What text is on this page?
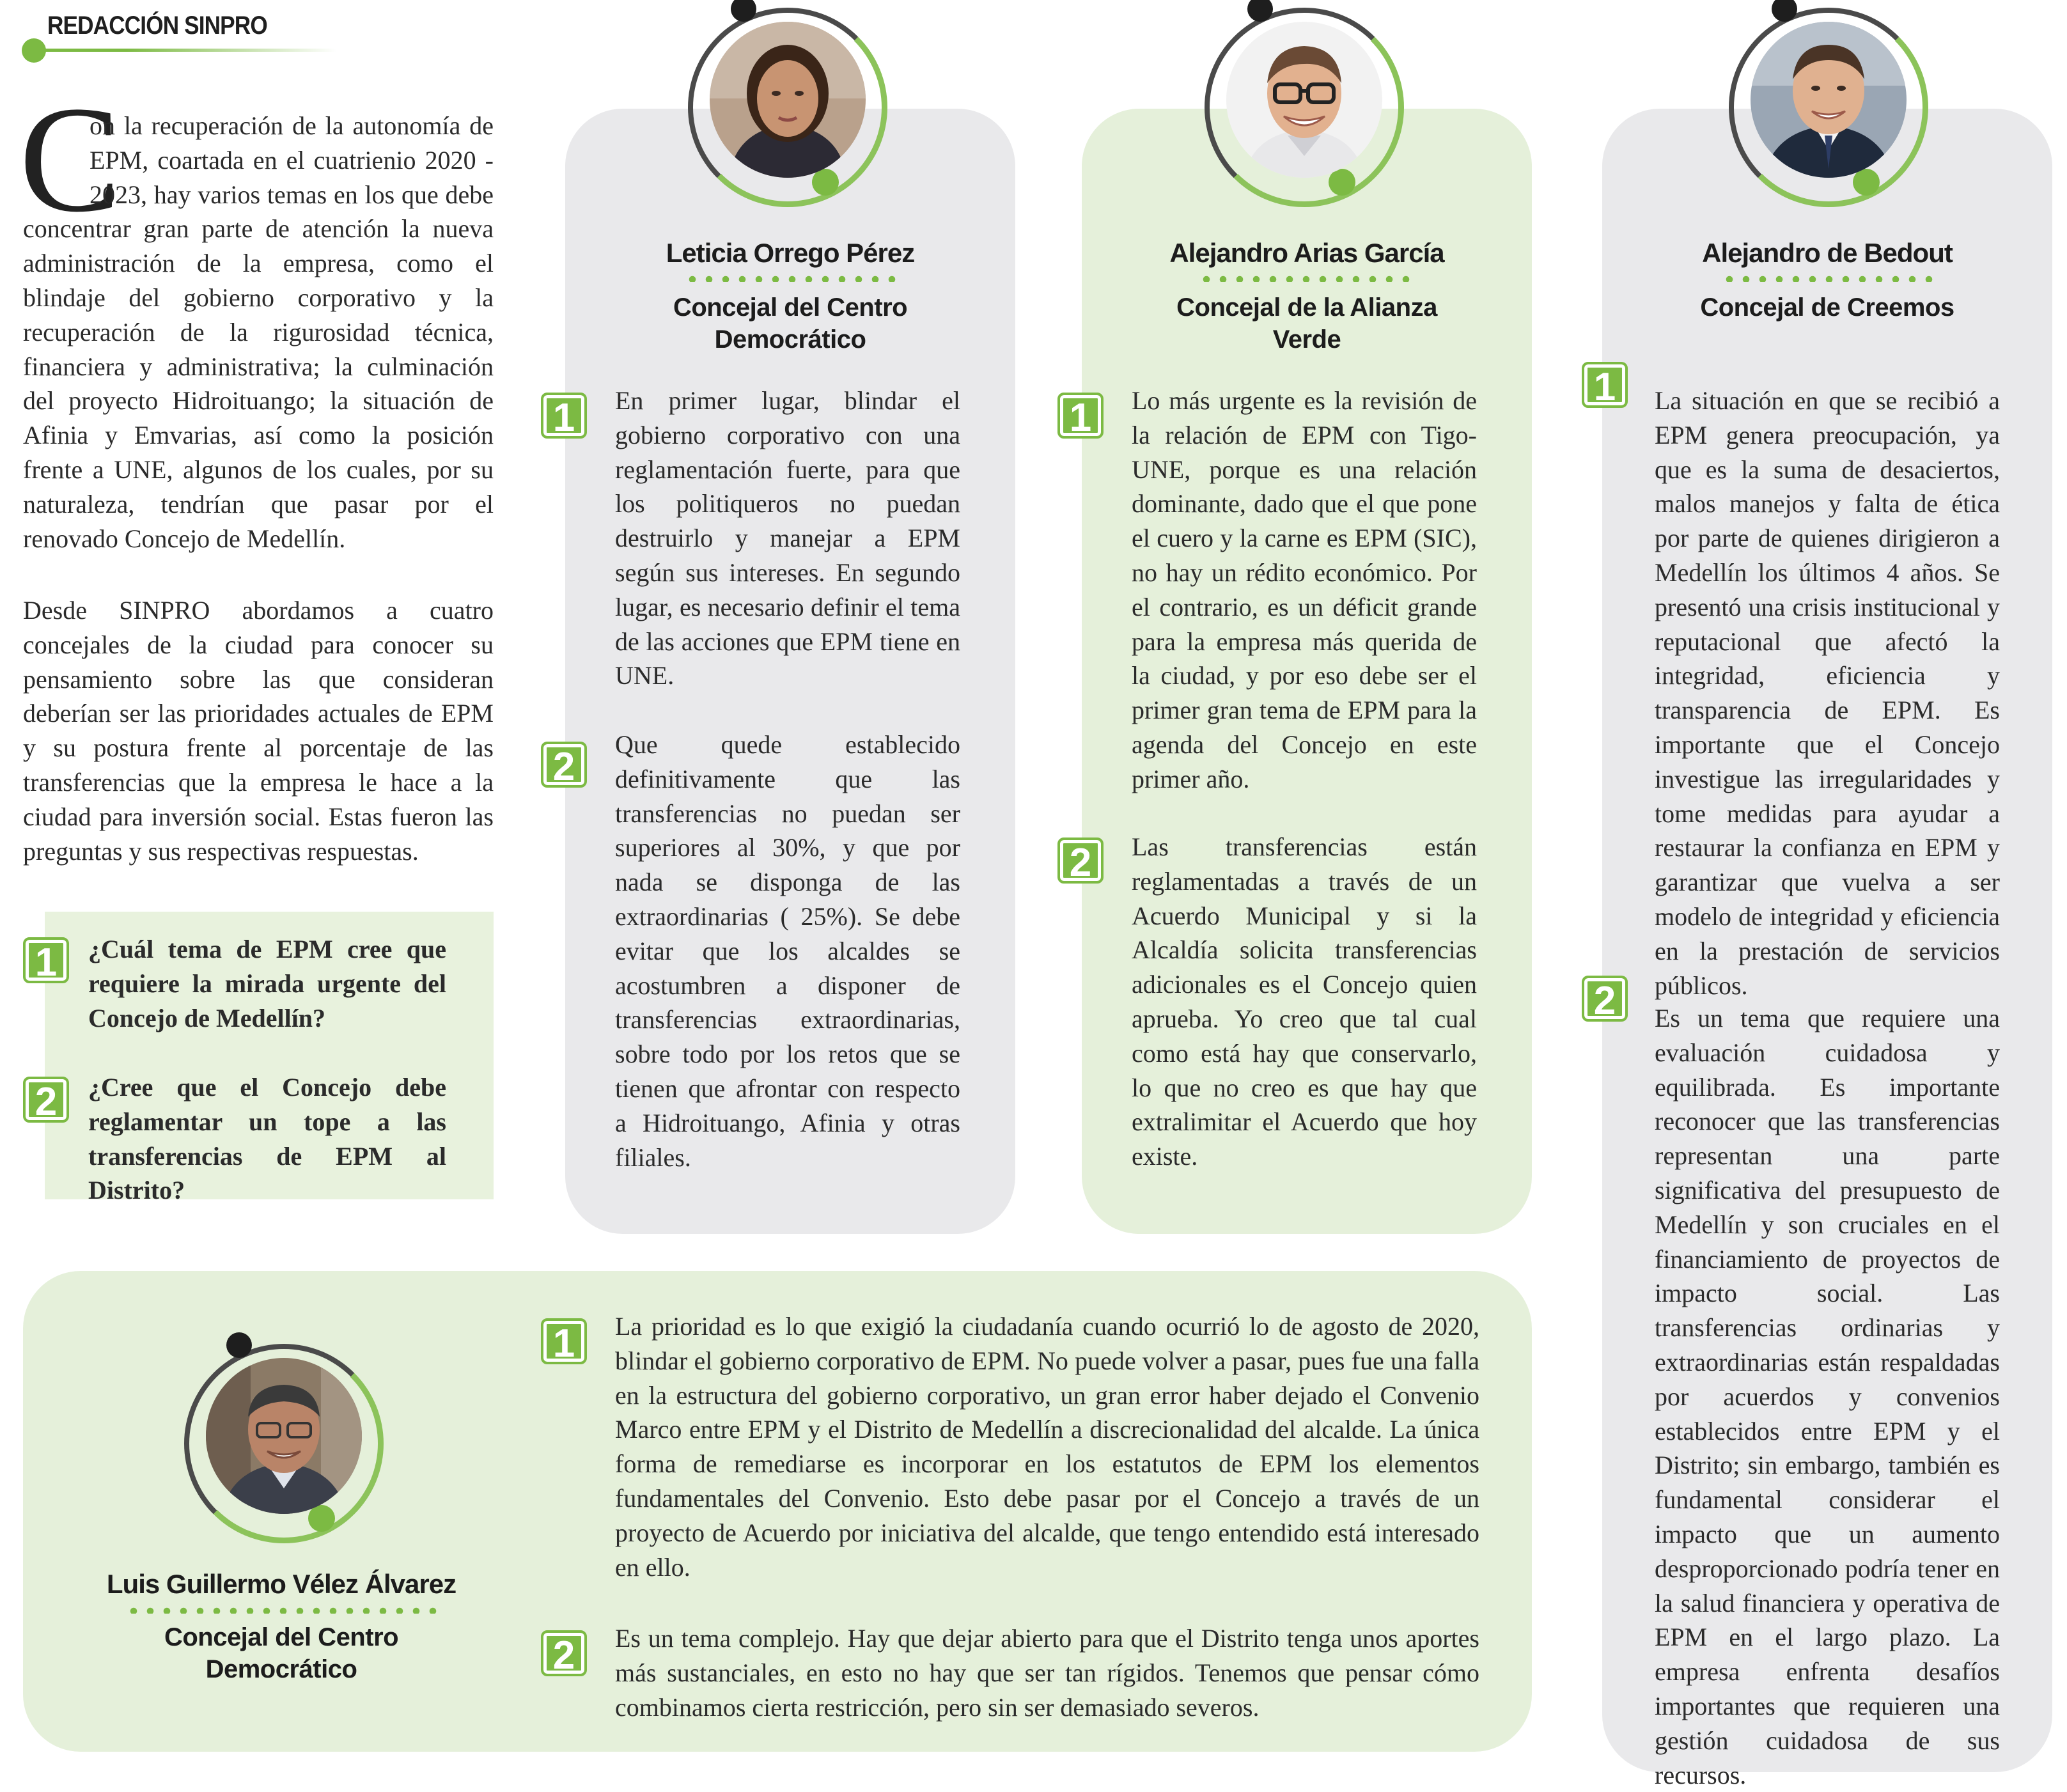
REDACCIÓN SINPRO
C
on la recuperación de la autonomía de EPM, coartada en el cuatrienio 2020 - 2023, hay varios temas en los que debe concentrar gran parte de atención la nueva administración de la empresa, como el blindaje del gobierno corporativo y la recuperación de la rigurosidad técnica, financiera y administrativa; la culminación del proyecto Hidroituango; la situación de Afinia y Emvarias, así como la posición frente a UNE, algunos de los cuales, por su naturaleza, tendrían que pasar por el renovado Concejo de Medellín.
Desde SINPRO abordamos a cuatro concejales de la ciudad para conocer su pensamiento sobre las que consideran deberían ser las prioridades actuales de EPM y su postura frente al porcentaje de las transferencias que la empresa le hace a la ciudad para inversión social. Estas fueron las preguntas y sus respectivas respuestas.
1	¿Cuál tema de EPM cree que requiere la mirada urgente del Concejo de Medellín?
2	¿Cree que el Concejo debe reglamentar un tope a las transferencias de EPM al Distrito?
Leticia Orrego Pérez
Concejal del Centro Democrático
1	En primer lugar, blindar el gobierno corporativo con una reglamentación fuerte, para que los politiqueros no puedan destruirlo y manejar a EPM según sus intereses. En segundo lugar, es necesario definir el tema de las acciones que EPM tiene en UNE.
2
Que quede establecido definitivamente que las transferencias no puedan ser superiores al 30%, y que por nada se disponga de las extraordinarias ( 25%). Se debe evitar que los alcaldes se acostumbren a disponer de transferencias extraordinarias, sobre todo por los retos que se tienen que afrontar con respecto a Hidroituango, Afinia y otras filiales.
Alejandro Arias García
Concejal de la Alianza Verde
1	Lo más urgente es la revisión de la relación de EPM con Tigo-UNE, porque es una relación dominante, dado que el que pone el cuero y la carne es EPM (SIC), no hay un rédito económico. Por el contrario, es un déficit grande para la empresa más querida de la ciudad, y por eso debe ser el primer gran tema de EPM para la agenda del Concejo en este primer año.
2	Las transferencias están reglamentadas a través de un Acuerdo Municipal y si la Alcaldía solicita transferencias adicionales es el Concejo quien aprueba. Yo creo que tal cual como está hay que conservarlo, lo que no creo es que hay que extralimitar el Acuerdo que hoy existe.
Alejandro de Bedout
Concejal de Creemos
1	La situación en que se recibió a EPM genera preocupación, ya que es la suma de desaciertos, malos manejos y falta de ética por parte de quienes dirigieron a Medellín los últimos 4 años. Se presentó una crisis institucional y reputacional que afectó la integridad, eficiencia y transparencia de EPM. Es importante que el Concejo investigue las irregularidades y tome medidas para ayudar a restaurar la confianza en EPM y garantizar que vuelva a ser modelo de integridad y eficiencia en la prestación de servicios públicos.
2	Es un tema que requiere una evaluación cuidadosa y equilibrada. Es importante reconocer que las transferencias representan una parte significativa del presupuesto de Medellín y son cruciales en el financiamiento de proyectos de impacto social. Las transferencias ordinarias y extraordinarias están respaldadas por acuerdos y convenios establecidos entre EPM y el Distrito; sin embargo, también es fundamental considerar el impacto que un aumento desproporcionado podría tener en la salud financiera y operativa de EPM en el largo plazo. La empresa enfrenta desafíos importantes que requieren una gestión cuidadosa de sus recursos.
Luis Guillermo Vélez Álvarez
Concejal del Centro Democrático
1	La prioridad es lo que exigió la ciudadanía cuando ocurrió lo de agosto de 2020, blindar el gobierno corporativo de EPM. No puede volver a pasar, pues fue una falla en la estructura del gobierno corporativo, un gran error haber dejado el Convenio Marco entre EPM y el Distrito de Medellín a discrecionalidad del alcalde. La única forma de remediarse es incorporar en los estatutos de EPM los elementos fundamentales del Convenio. Esto debe pasar por el Concejo a través de un proyecto de Acuerdo por iniciativa del alcalde, que tengo entendido está interesado en ello.
2	Es un tema complejo. Hay que dejar abierto para que el Distrito tenga unos aportes más sustanciales, en esto no hay que ser tan rígidos. Tenemos que pensar cómo combinamos cierta restricción, pero sin ser demasiado severos.
